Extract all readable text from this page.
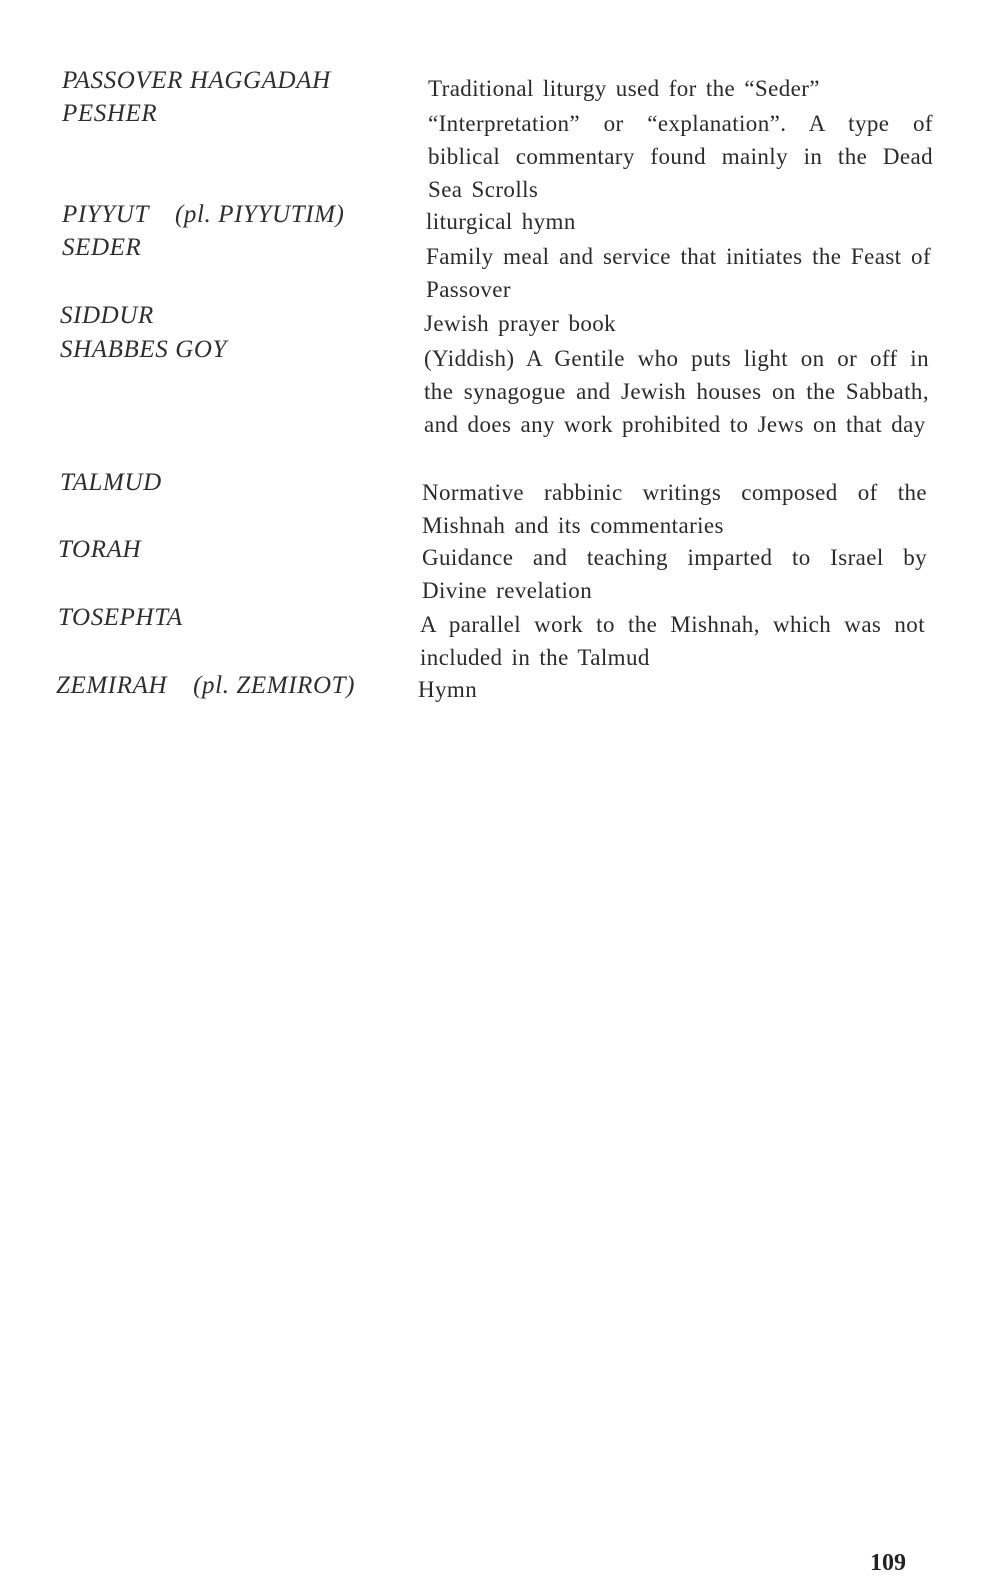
PASSOVER HAGGADAH	Traditional liturgy used for the “Seder”
PESHER	“Interpretation” or “explanation”. A type of biblical commentary found mainly in the Dead Sea Scrolls
PIYYUT (pl. PIYYUTIM)	liturgical hymn
SEDER	Family meal and service that initiates the Feast of Passover
SIDDUR	Jewish prayer book
SHABBES GOY	(Yiddish) A Gentile who puts light on or off in the synagogue and Jewish houses on the Sabbath, and does any work prohibited to Jews on that day
TALMUD	Normative rabbinic writings composed of the Mishnah and its commentaries
TORAH	Guidance and teaching imparted to Israel by Divine revelation
TOSEPHTA	A parallel work to the Mishnah, which was not included in the Talmud
ZEMIRAH (pl. ZEMIROT)	Hymn
109
